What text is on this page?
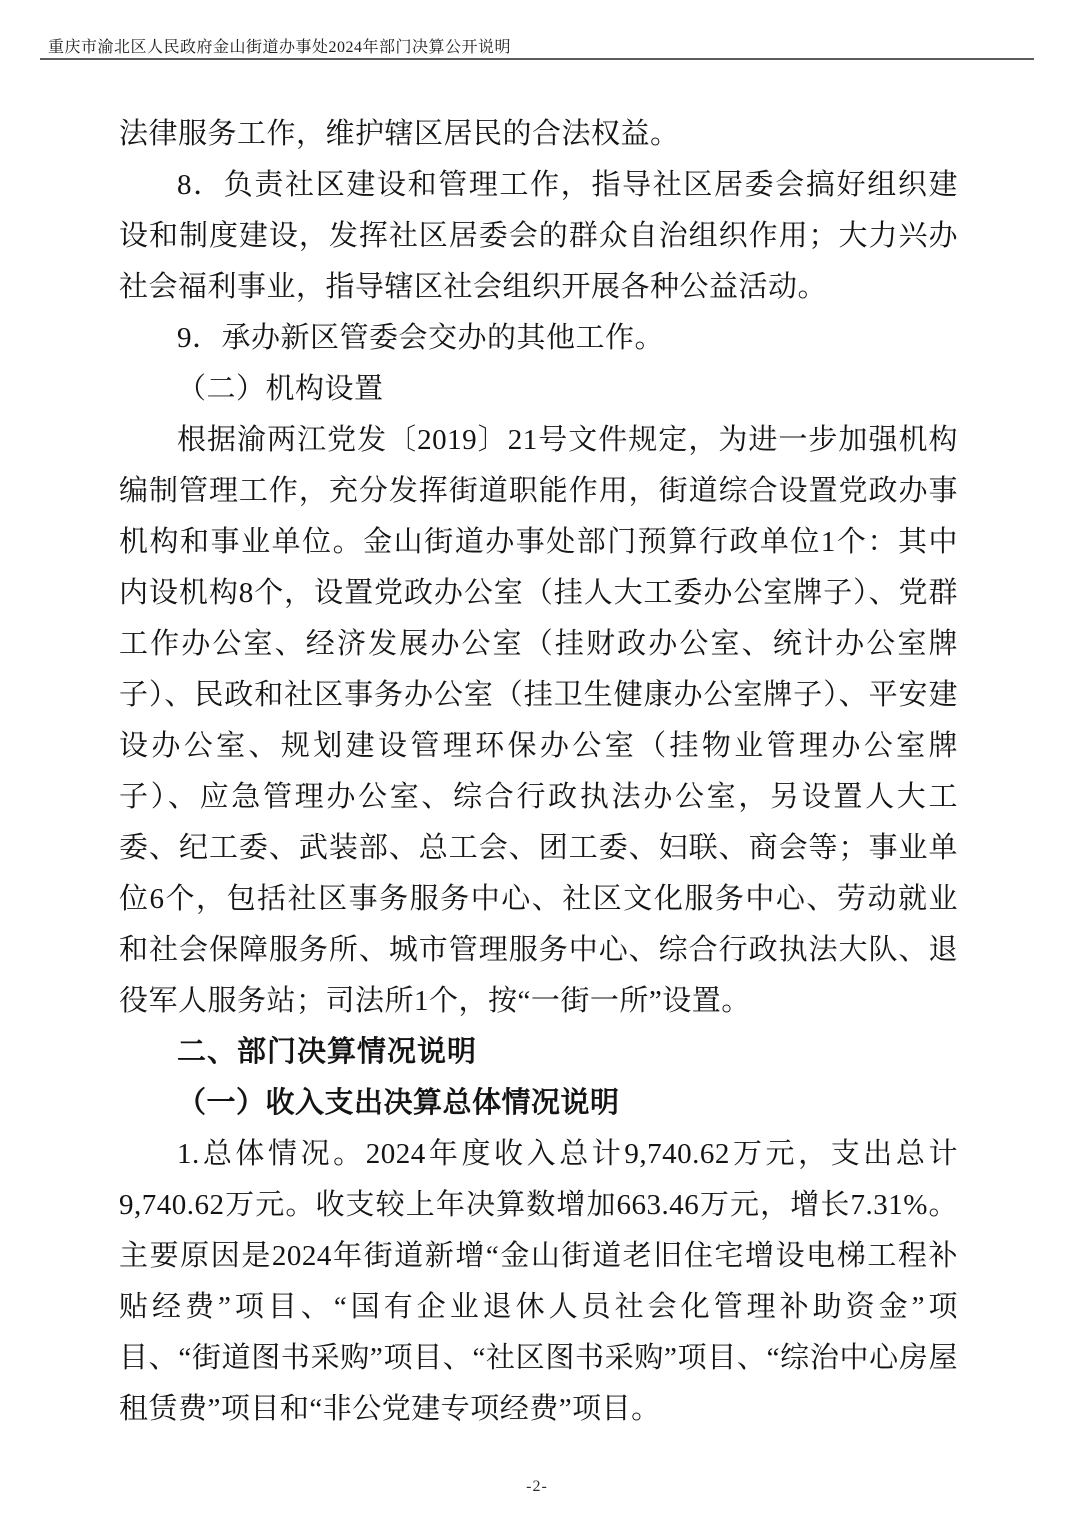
重庆市渝北区人民政府金山街道办事处2024年部门决算公开说明

法律服务工作，维护辖区居民的合法权益。

8．负责社区建设和管理工作，指导社区居委会搞好组织建设和制度建设，发挥社区居委会的群众自治组织作用；大力兴办社会福利事业，指导辖区社会组织开展各种公益活动。

9．承办新区管委会交办的其他工作。

（二）机构设置

根据渝两江党发〔2019〕21号文件规定，为进一步加强机构编制管理工作，充分发挥街道职能作用，街道综合设置党政办事机构和事业单位。金山街道办事处部门预算行政单位1个：其中内设机构8个，设置党政办公室（挂人大工委办公室牌子）、党群工作办公室、经济发展办公室（挂财政办公室、统计办公室牌子）、民政和社区事务办公室（挂卫生健康办公室牌子）、平安建设办公室、规划建设管理环保办公室（挂物业管理办公室牌子）、应急管理办公室、综合行政执法办公室，另设置人大工委、纪工委、武装部、总工会、团工委、妇联、商会等；事业单位6个，包括社区事务服务中心、社区文化服务中心、劳动就业和社会保障服务所、城市管理服务中心、综合行政执法大队、退役军人服务站；司法所1个，按“一街一所”设置。

二、部门决算情况说明

（一）收入支出决算总体情况说明

1.总体情况。2024年度收入总计9,740.62万元，支出总计9,740.62万元。收支较上年决算数增加663.46万元，增长7.31%。主要原因是2024年街道新增“金山街道老旧住宅增设电梯工程补贴经费”项目、“国有企业退休人员社会化管理补助资金”项目、“街道图书采购”项目、“社区图书采购”项目、“综治中心房屋租赁费”项目和“非公党建专项经费”项目。

-2-
